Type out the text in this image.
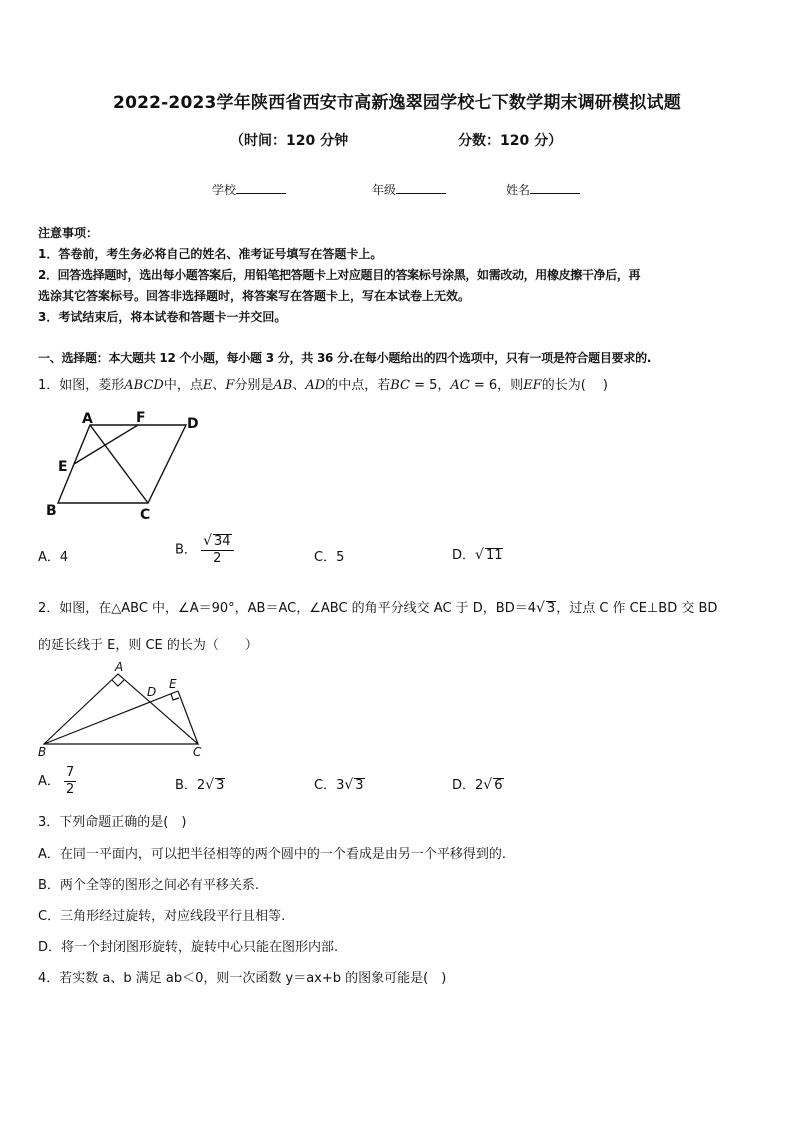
2022-2023学年陕西省西安市高新逸翠园学校七下数学期末调研模拟试题
（时间：120 分钟	分数：120 分）
学校	年级	姓名
注意事项：
1．答卷前，考生务必将自己的姓名、准考证号填写在答题卡上。
2．回答选择题时，选出每小题答案后，用铅笔把答题卡上对应题目的答案标号涂黑，如需改动，用橡皮擦干净后，再
选涂其它答案标号。回答非选择题时，将答案写在答题卡上，写在本试卷上无效。
3．考试结束后，将本试卷和答题卡一并交回。
一、选择题：本大题共 12 个小题，每小题 3 分，共 36 分.在每小题给出的四个选项中，只有一项是符合题目要求的.
1．如图，菱形ABCD中，点E、F分别是AB、AD的中点，若BC = 5，AC = 6，则EF的长为(　 )
A	F	D
E
B	C
A．4	B． $\frac{√ 34}{2}$	C．5	D．√ 11
2．如图，在△ABC 中，∠A＝90°，AB＝AC，∠ABC 的角平分线交 AC 于 D，BD＝4√ 3，过点 C 作 CE⊥BD 交 BD
的延长线于 E，则 CE 的长为（　　）
A
D
E
B	C
A． $\frac{7}{2}$	B．2√ 3	C．3√ 3	D．2√ 6
3．下列命题正确的是(　)
A．在同一平面内，可以把半径相等的两个圆中的一个看成是由另一个平移得到的.
B．两个全等的图形之间必有平移关系.
C．三角形经过旋转，对应线段平行且相等.
D．将一个封闭图形旋转，旋转中心只能在图形内部.
4．若实数 a、b 满足 ab＜0，则一次函数 y＝ax+b 的图象可能是(　)
